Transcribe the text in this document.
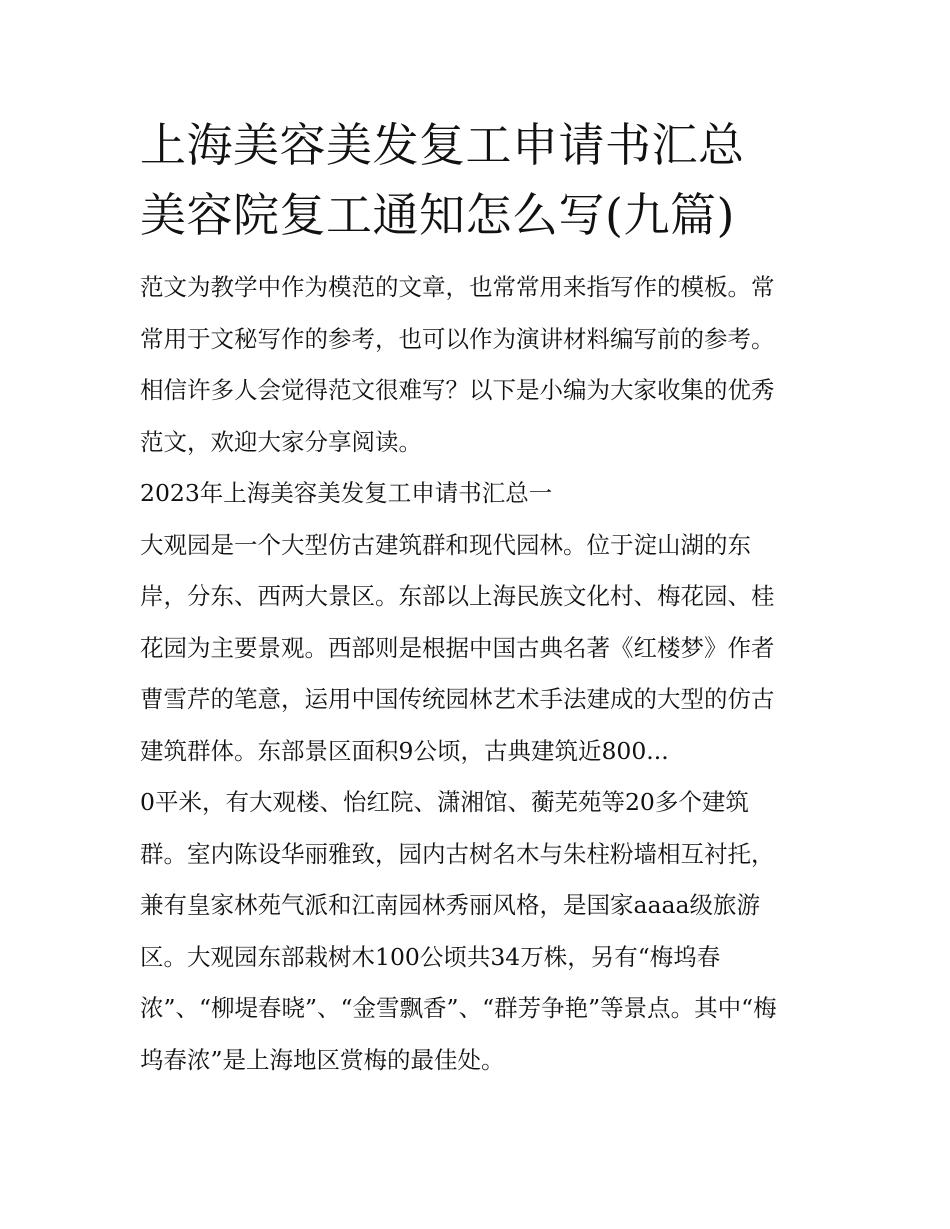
上海美容美发复工申请书汇总
美容院复工通知怎么写(九篇)

范文为教学中作为模范的文章，也常常用来指写作的模板。常
常用于文秘写作的参考，也可以作为演讲材料编写前的参考。
相信许多人会觉得范文很难写？以下是小编为大家收集的优秀
范文，欢迎大家分享阅读。

2023年上海美容美发复工申请书汇总一

大观园是一个大型仿古建筑群和现代园林。位于淀山湖的东
岸，分东、西两大景区。东部以上海民族文化村、梅花园、桂
花园为主要景观。西部则是根据中国古典名著《红楼梦》作者
曹雪芹的笔意，运用中国传统园林艺术手法建成的大型的仿古
建筑群体。东部景区面积9公顷，古典建筑近800...

0平米，有大观楼、怡红院、潇湘馆、蘅芜苑等20多个建筑
群。室内陈设华丽雅致，园内古树名木与朱柱粉墙相互衬托，
兼有皇家林苑气派和江南园林秀丽风格，是国家aaaa级旅游
区。大观园东部栽树木100公顷共34万株，另有“梅坞春
浓”、“柳堤春晓”、“金雪飘香”、“群芳争艳”等景点。其中“梅
坞春浓”是上海地区赏梅的最佳处。
